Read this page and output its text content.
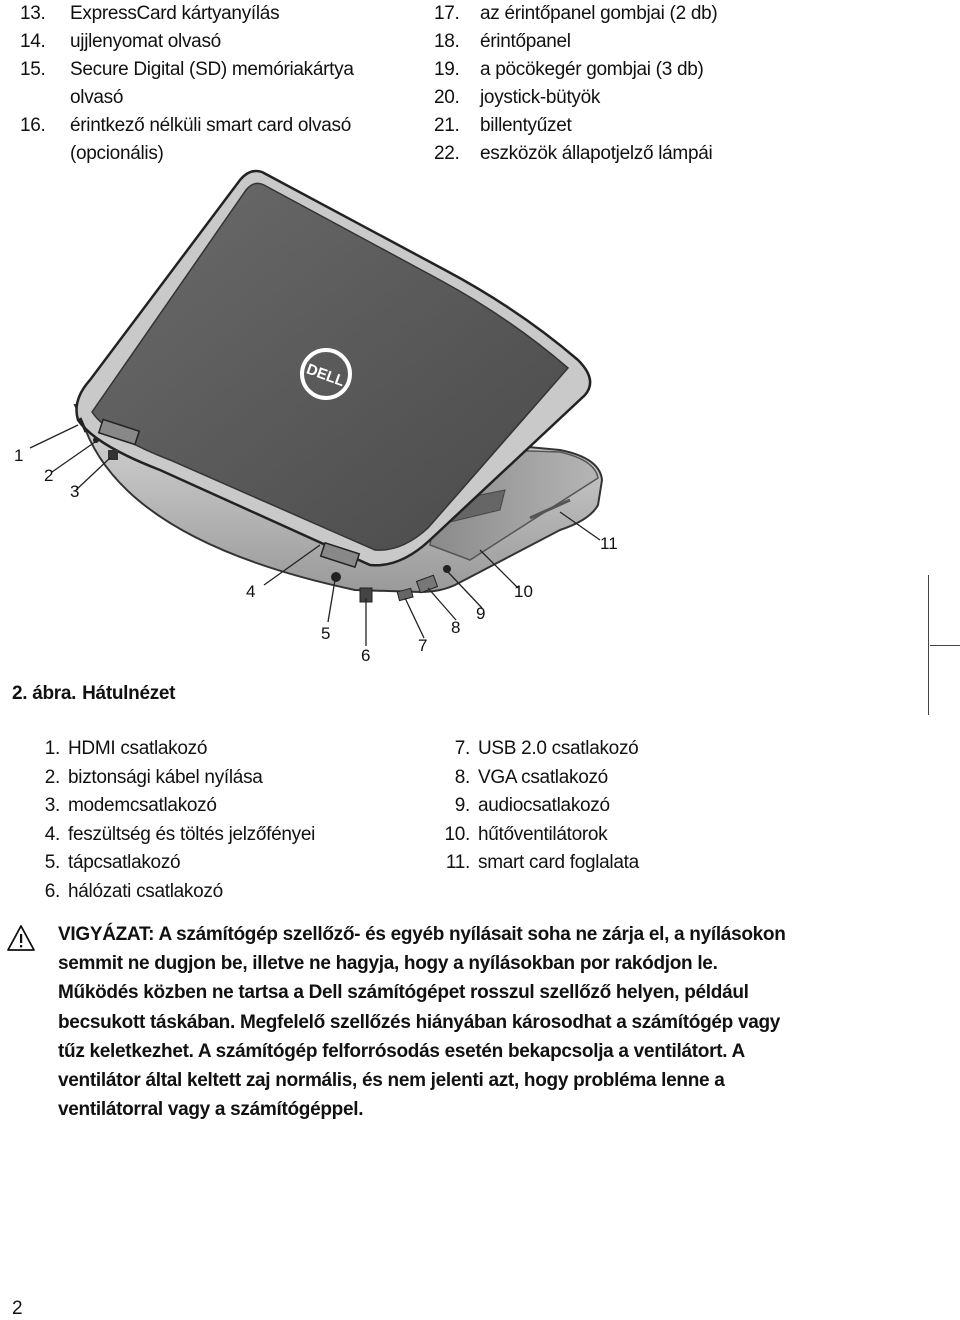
13.	ExpressCard kártyanyílás
14.	ujjlenyomat olvasó
15.	Secure Digital (SD) memóriakártya
olvasó
16.	érintkező nélküli smart card olvasó
(opcionális)
17.	az érintőpanel gombjai (2 db)
18.	érintőpanel
19.	a pöcökegér gombjai (3 db)
20.	joystick-bütyök
21.	billentyűzet
22.	eszközök állapotjelző lámpái
DELL
1
2
3
4
5
6
7
8
9
10
11
2. ábra. Hátulnézet
1. HDMI csatlakozó
2. biztonsági kábel nyílása
3. modemcsatlakozó
4. feszültség és töltés jelzőfényei
5. tápcsatlakozó
6. hálózati csatlakozó
7. USB 2.0 csatlakozó
8. VGA csatlakozó
9. audiocsatlakozó
10. hűtőventilátorok
11. smart card foglalata
VIGYÁZAT: A számítógép szellőző- és egyéb nyílásait soha ne zárja el, a nyílásokon
semmit ne dugjon be, illetve ne hagyja, hogy a nyílásokban por rakódjon le.
Működés közben ne tartsa a Dell számítógépet rosszul szellőző helyen, például
becsukott táskában. Megfelelő szellőzés hiányában károsodhat a számítógép vagy
tűz keletkezhet. A számítógép felforrósodás esetén bekapcsolja a ventilátort. A
ventilátor által keltett zaj normális, és nem jelenti azt, hogy probléma lenne a
ventilátorral vagy a számítógéppel.
2
